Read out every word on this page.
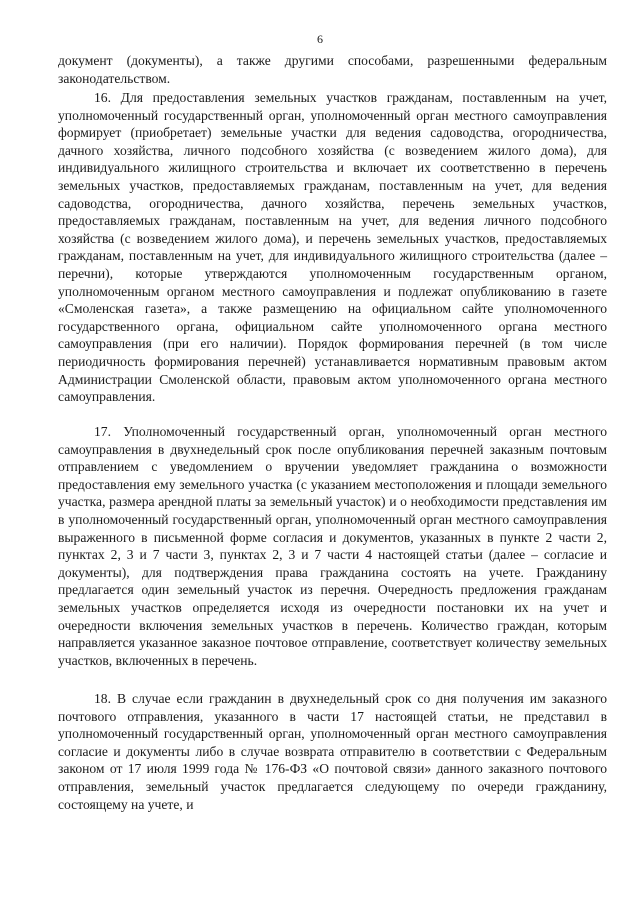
6

документ (документы), а также другими способами, разрешенными федеральным законодательством.

16. Для предоставления земельных участков гражданам, поставленным на учет, уполномоченный государственный орган, уполномоченный орган местного самоуправления формирует (приобретает) земельные участки для ведения садоводства, огородничества, дачного хозяйства, личного подсобного хозяйства (с возведением жилого дома), для индивидуального жилищного строительства и включает их соответственно в перечень земельных участков, предоставляемых гражданам, поставленным на учет, для ведения садоводства, огородничества, дачного хозяйства, перечень земельных участков, предоставляемых гражданам, поставленным на учет, для ведения личного подсобного хозяйства (с возведением жилого дома), и перечень земельных участков, предоставляемых гражданам, поставленным на учет, для индивидуального жилищного строительства (далее – перечни), которые утверждаются уполномоченным государственным органом, уполномоченным органом местного самоуправления и подлежат опубликованию в газете «Смоленская газета», а также размещению на официальном сайте уполномоченного государственного органа, официальном сайте уполномоченного органа местного самоуправления (при его наличии). Порядок формирования перечней (в том числе периодичность формирования перечней) устанавливается нормативным правовым актом Администрации Смоленской области, правовым актом уполномоченного органа местного самоуправления.

17. Уполномоченный государственный орган, уполномоченный орган местного самоуправления в двухнедельный срок после опубликования перечней заказным почтовым отправлением с уведомлением о вручении уведомляет гражданина о возможности предоставления ему земельного участка (с указанием местоположения и площади земельного участка, размера арендной платы за земельный участок) и о необходимости представления им в уполномоченный государственный орган, уполномоченный орган местного самоуправления выраженного в письменной форме согласия и документов, указанных в пункте 2 части 2, пунктах 2, 3 и 7 части 3, пунктах 2, 3 и 7 части 4 настоящей статьи (далее – согласие и документы), для подтверждения права гражданина состоять на учете. Гражданину предлагается один земельный участок из перечня. Очередность предложения гражданам земельных участков определяется исходя из очередности постановки их на учет и очередности включения земельных участков в перечень. Количество граждан, которым направляется указанное заказное почтовое отправление, соответствует количеству земельных участков, включенных в перечень.

18. В случае если гражданин в двухнедельный срок со дня получения им заказного почтового отправления, указанного в части 17 настоящей статьи, не представил в уполномоченный государственный орган, уполномоченный орган местного самоуправления согласие и документы либо в случае возврата отправителю в соответствии с Федеральным законом от 17 июля 1999 года № 176-ФЗ «О почтовой связи» данного заказного почтового отправления, земельный участок предлагается следующему по очереди гражданину, состоящему на учете, и
